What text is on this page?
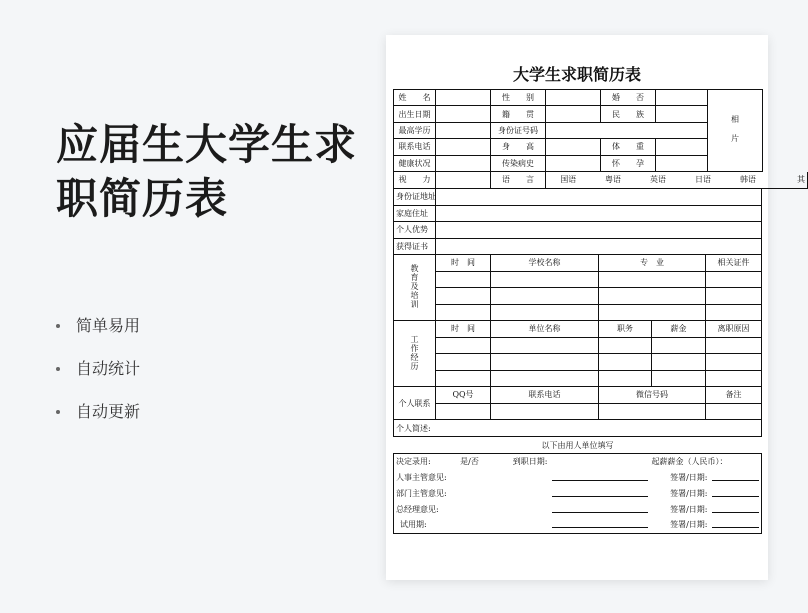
应届生大学生求
职简历表
简单易用
自动统计
自动更新
大学生求职简历表
姓　　名		性　　别		婚　　否		相 片
出生日期		籍　　贯		民　　族		
最高学历		身份证号码				
联系电话		身　　高		体　　重		
健康状况		传染病史		怀　　孕		
视　　力		语　　言	国语	粤语	英语	日语	韩语	其
身份证地址	
家庭住址	
个人优势	
获得证书	
教育及培训	时　间	学校名称	专　业	相关证件

工作经历	时　间	单位名称	职务	薪金	离职原因

个人联系	QQ号	联系电话	微信号码	备注

个人简述:				
以下由用人单位填写
决定录用:	是/否	到职日期:		起薪薪金（人民币）：	
人事主管意见:				签署/日期:	
部门主管意见:				签署/日期:	
总经理意见:				签署/日期:	
试用期:				签署/日期:	
